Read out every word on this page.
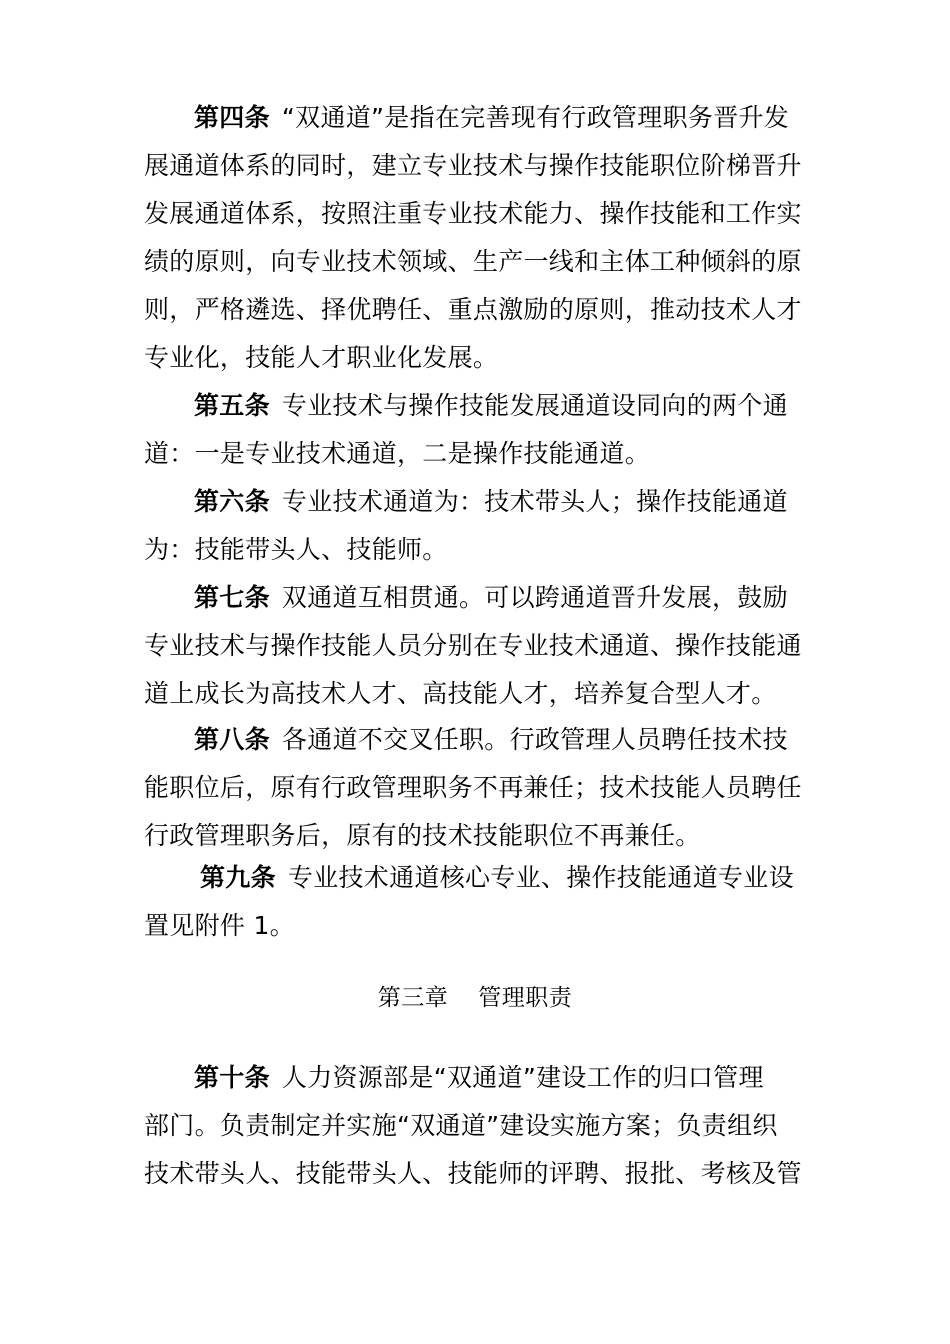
第四条 “双通道”是指在完善现有行政管理职务晋升发
展通道体系的同时，建立专业技术与操作技能职位阶梯晋升
发展通道体系，按照注重专业技术能力、操作技能和工作实
绩的原则，向专业技术领域、生产一线和主体工种倾斜的原
则，严格遴选、择优聘任、重点激励的原则，推动技术人才
专业化，技能人才职业化发展。
第五条 专业技术与操作技能发展通道设同向的两个通
道：一是专业技术通道，二是操作技能通道。
第六条 专业技术通道为：技术带头人；操作技能通道
为：技能带头人、技能师。
第七条 双通道互相贯通。可以跨通道晋升发展，鼓励
专业技术与操作技能人员分别在专业技术通道、操作技能通
道上成长为高技术人才、高技能人才，培养复合型人才。
第八条 各通道不交叉任职。行政管理人员聘任技术技
能职位后，原有行政管理职务不再兼任；技术技能人员聘任
行政管理职务后，原有的技术技能职位不再兼任。
第九条 专业技术通道核心专业、操作技能通道专业设
置见附件 1。
第三章 管理职责
第十条 人力资源部是“双通道”建设工作的归口管理
部门。负责制定并实施“双通道”建设实施方案；负责组织
技术带头人、技能带头人、技能师的评聘、报批、考核及管
